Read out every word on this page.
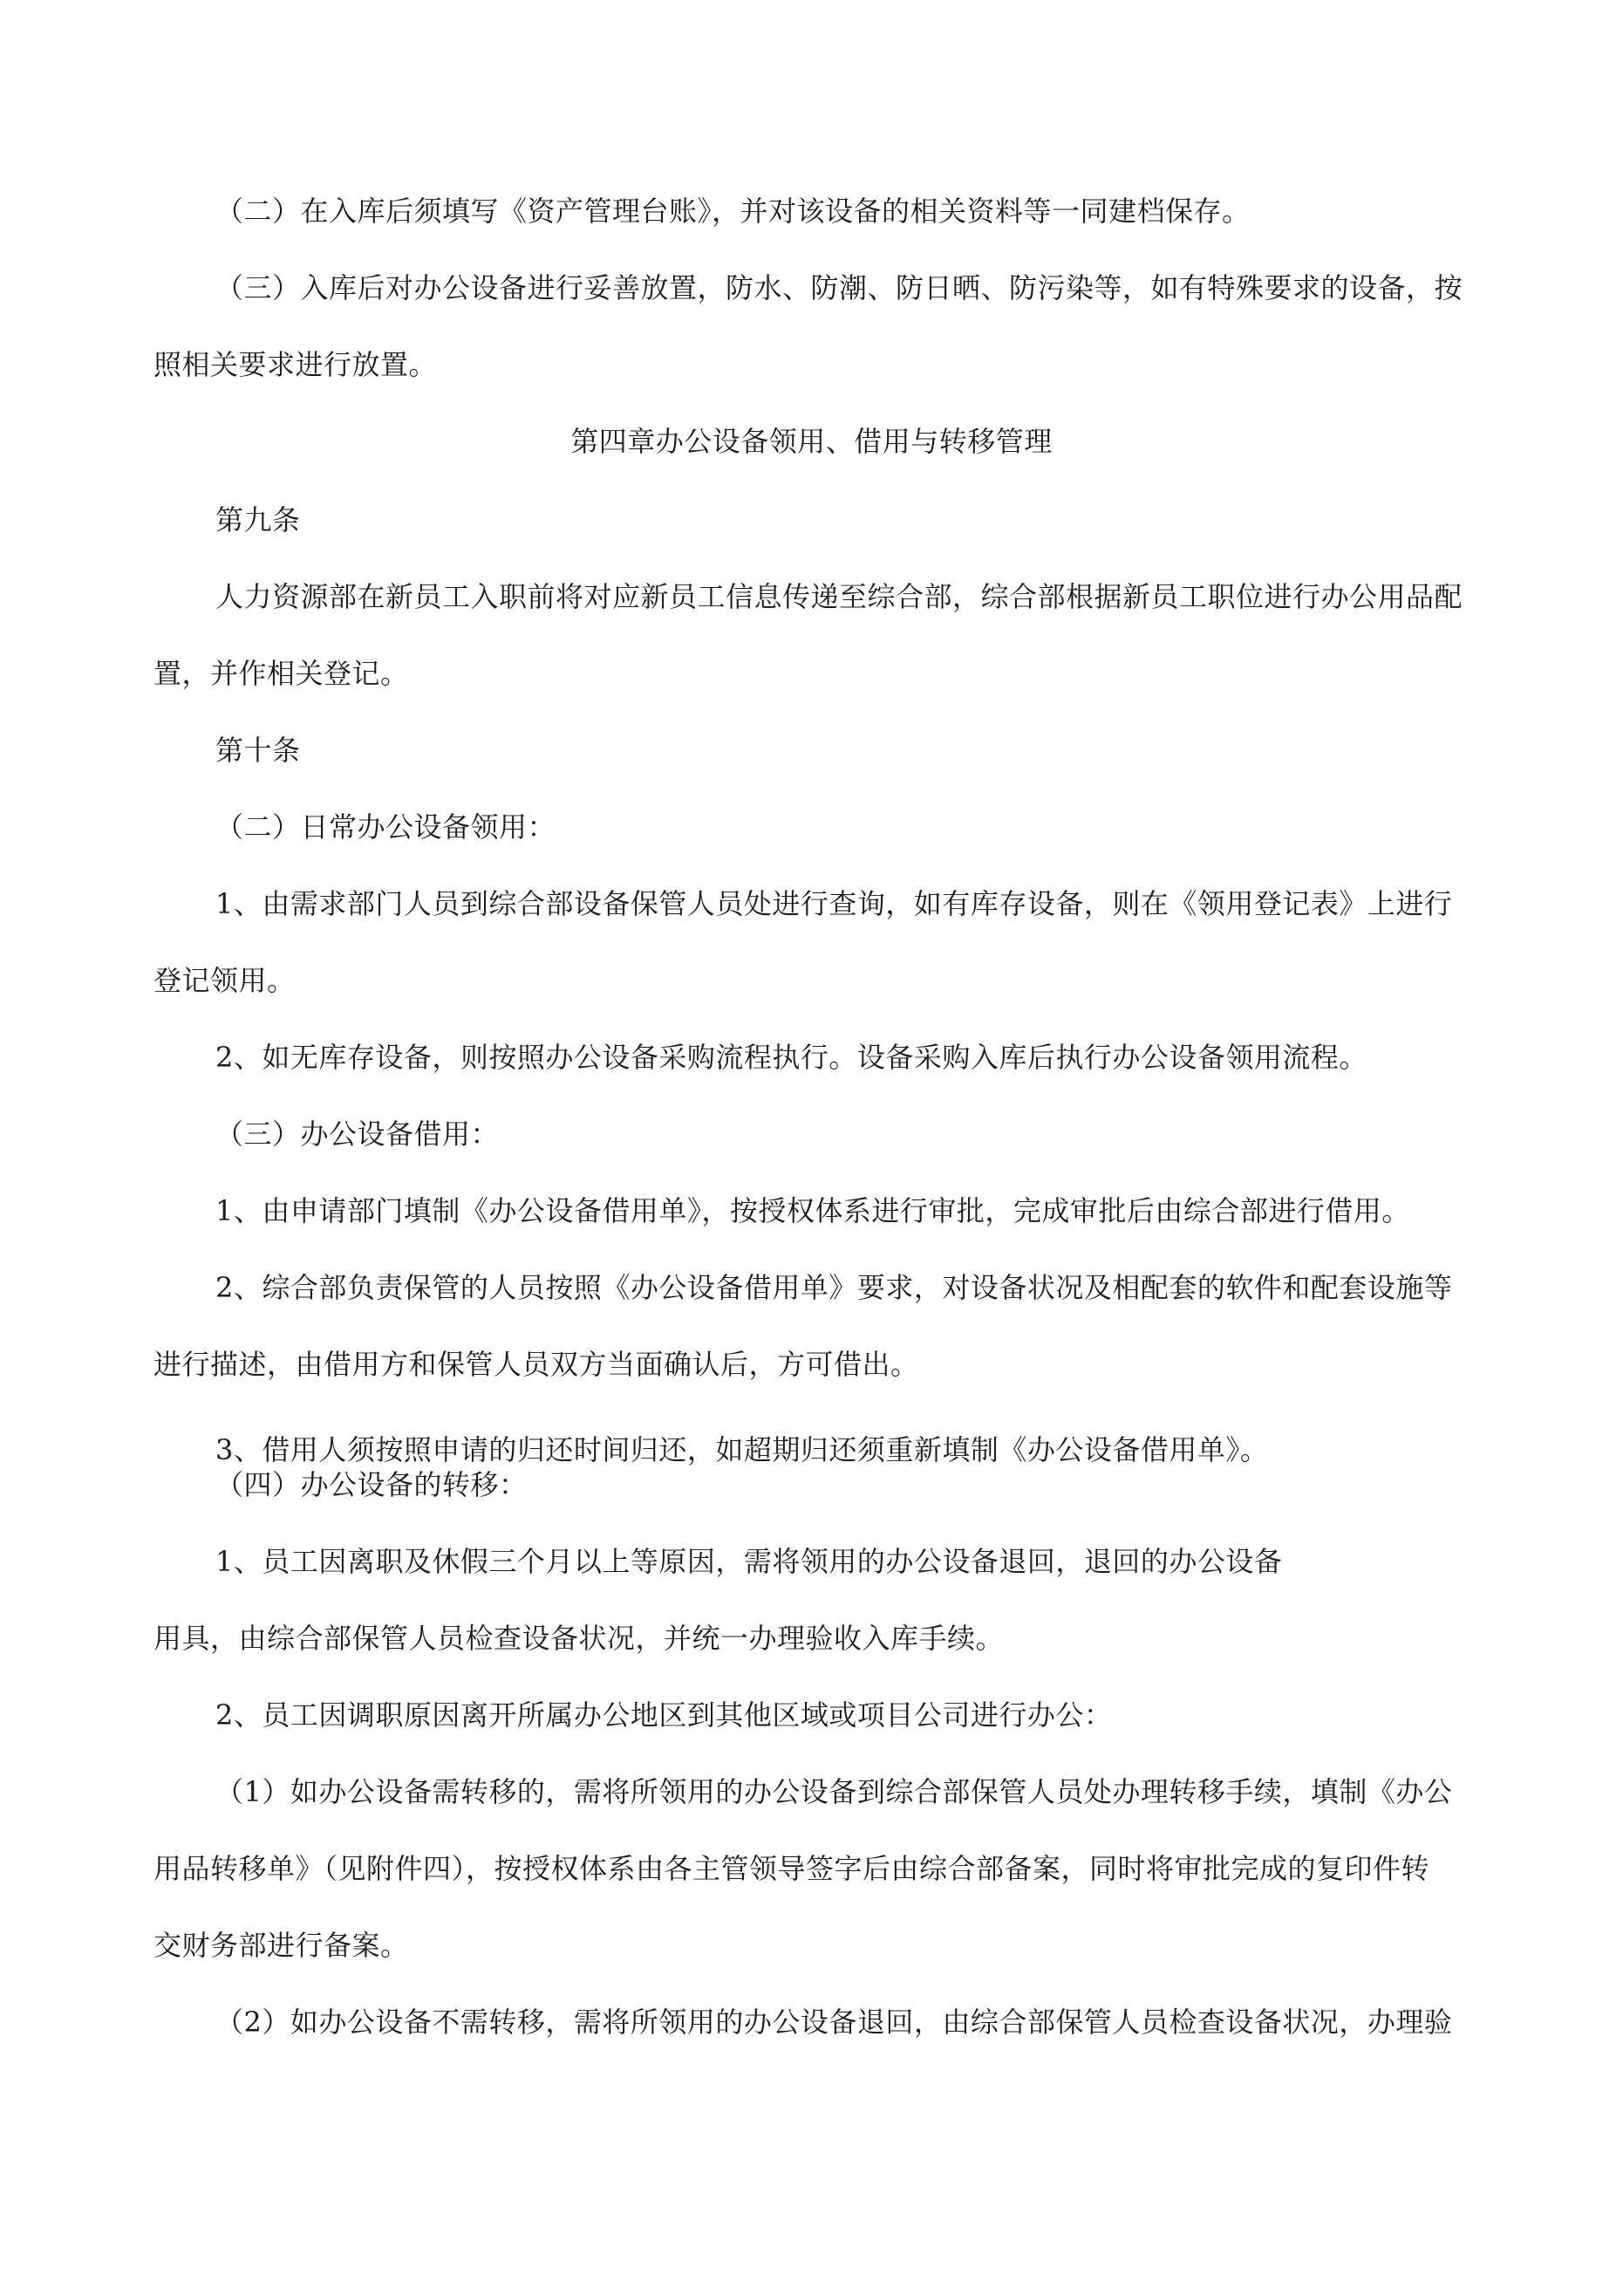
（二）在入库后须填写《资产管理台账》，并对该设备的相关资料等一同建档保存。

（三）入库后对办公设备进行妥善放置，防水、防潮、防日晒、防污染等，如有特殊要求的设备，按

照相关要求进行放置。

第四章办公设备领用、借用与转移管理

第九条

人力资源部在新员工入职前将对应新员工信息传递至综合部，综合部根据新员工职位进行办公用品配

置，并作相关登记。

第十条

（二）日常办公设备领用：

1、由需求部门人员到综合部设备保管人员处进行查询，如有库存设备，则在《领用登记表》上进行

登记领用。

2、如无库存设备，则按照办公设备采购流程执行。设备采购入库后执行办公设备领用流程。

（三）办公设备借用：

1、由申请部门填制《办公设备借用单》，按授权体系进行审批，完成审批后由综合部进行借用。

2、综合部负责保管的人员按照《办公设备借用单》要求，对设备状况及相配套的软件和配套设施等

进行描述，由借用方和保管人员双方当面确认后，方可借出。

3、借用人须按照申请的归还时间归还，如超期归还须重新填制《办公设备借用单》。

（四）办公设备的转移：

1、员工因离职及休假三个月以上等原因，需将领用的办公设备退回，退回的办公设备

用具，由综合部保管人员检查设备状况，并统一办理验收入库手续。

2、员工因调职原因离开所属办公地区到其他区域或项目公司进行办公：

（1）如办公设备需转移的，需将所领用的办公设备到综合部保管人员处办理转移手续，填制《办公

用品转移单》（见附件四），按授权体系由各主管领导签字后由综合部备案，同时将审批完成的复印件转

交财务部进行备案。

（2）如办公设备不需转移，需将所领用的办公设备退回，由综合部保管人员检查设备状况，办理验
